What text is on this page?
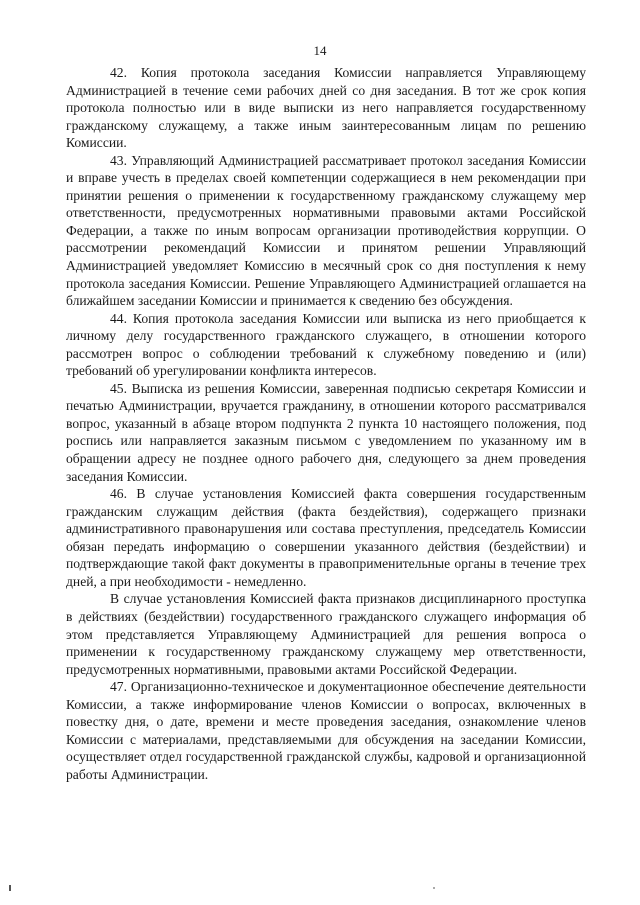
14

42. Копия протокола заседания Комиссии направляется Управляющему Администрацией в течение семи рабочих дней со дня заседания. В тот же срок копия протокола полностью или в виде выписки из него направляется государственному гражданскому служащему, а также иным заинтересованным лицам по решению Комиссии.

43. Управляющий Администрацией рассматривает протокол заседания Комиссии и вправе учесть в пределах своей компетенции содержащиеся в нем рекомендации при принятии решения о применении к государственному гражданскому служащему мер ответственности, предусмотренных нормативными правовыми актами Российской Федерации, а также по иным вопросам организации противодействия коррупции. О рассмотрении рекомендаций Комиссии и принятом решении Управляющий Администрацией уведомляет Комиссию в месячный срок со дня поступления к нему протокола заседания Комиссии. Решение Управляющего Администрацией оглашается на ближайшем заседании Комиссии и принимается к сведению без обсуждения.

44. Копия протокола заседания Комиссии или выписка из него приобщается к личному делу государственного гражданского служащего, в отношении которого рассмотрен вопрос о соблюдении требований к служебному поведению и (или) требований об урегулировании конфликта интересов.

45. Выписка из решения Комиссии, заверенная подписью секретаря Комиссии и печатью Администрации, вручается гражданину, в отношении которого рассматривался вопрос, указанный в абзаце втором подпункта 2 пункта 10 настоящего положения, под роспись или направляется заказным письмом с уведомлением по указанному им в обращении адресу не позднее одного рабочего дня, следующего за днем проведения заседания Комиссии.

46. В случае установления Комиссией факта совершения государственным гражданским служащим действия (факта бездействия), содержащего признаки административного правонарушения или состава преступления, председатель Комиссии обязан передать информацию о совершении указанного действия (бездействии) и подтверждающие такой факт документы в правоприменительные органы в течение трех дней, а при необходимости - немедленно.

В случае установления Комиссией факта признаков дисциплинарного проступка в действиях (бездействии) государственного гражданского служащего информация об этом представляется Управляющему Администрацией для решения вопроса о применении к государственному гражданскому служащему мер ответственности, предусмотренных нормативными, правовыми актами Российской Федерации.

47. Организационно-техническое и документационное обеспечение деятельности Комиссии, а также информирование членов Комиссии о вопросах, включенных в повестку дня, о дате, времени и месте проведения заседания, ознакомление членов Комиссии с материалами, представляемыми для обсуждения на заседании Комиссии, осуществляет отдел государственной гражданской службы, кадровой и организационной работы Администрации.
